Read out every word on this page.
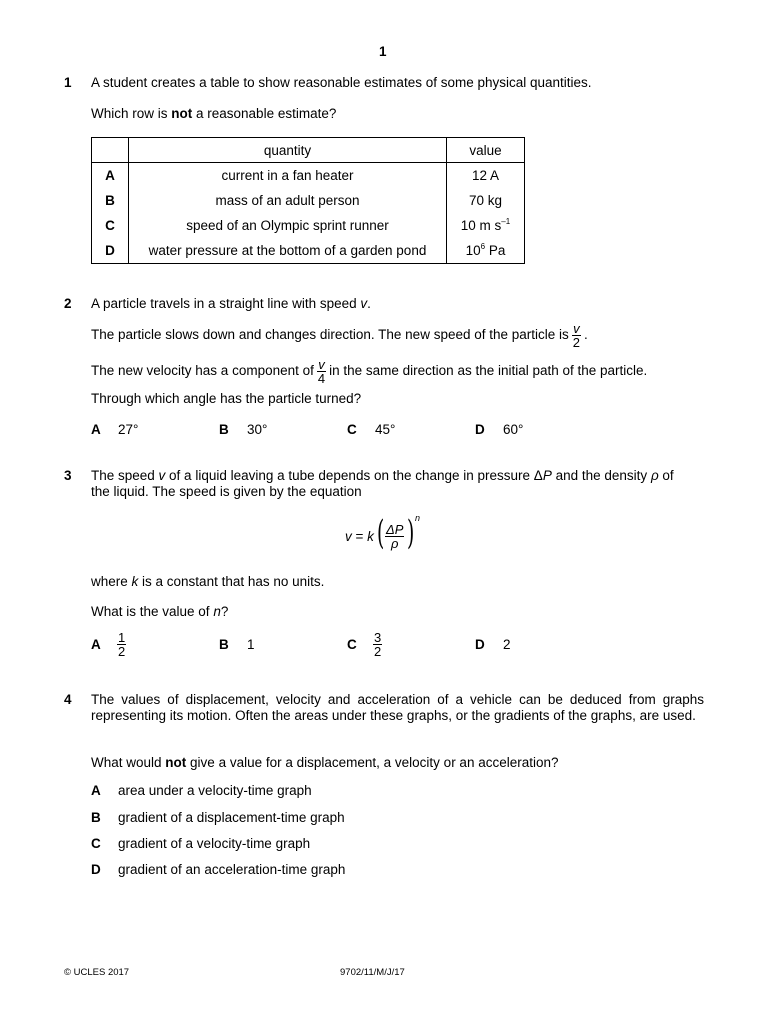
1
1 A student creates a table to show reasonable estimates of some physical quantities.
Which row is not a reasonable estimate?
	quantity	value
A	current in a fan heater	12 A
B	mass of an adult person	70 kg
C	speed of an Olympic sprint runner	10 m $s^{-1}$
D	water pressure at the bottom of a garden pond	$10^6$ Pa
2 A particle travels in a straight line with speed v.
The particle slows down and changes direction. The new speed of the particle is $\frac{v}{2}$ .
The new velocity has a component of $\frac{v}{4}$ in the same direction as the initial path of the particle.
Through which angle has the particle turned?
A 27°	B 30°	C 45°	D 60°
3 The speed v of a liquid leaving a tube depends on the change in pressure ΔP and the density ρ of
the liquid. The speed is given by the equation
v = k ( $\frac{\Delta P}{\rho}$ ) n
where k is a constant that has no units.
What is the value of n?
A $\frac{1}{2}$	B 1	C $\frac{3}{2}$	D 2
4 The values of displacement, velocity and acceleration of a vehicle can be deduced from graphs representing its motion. Often the areas under these graphs, or the gradients of the graphs, are used.
What would not give a value for a displacement, a velocity or an acceleration?
A area under a velocity-time graph
B gradient of a displacement-time graph
C gradient of a velocity-time graph
D gradient of an acceleration-time graph
© UCLES 2017	9702/11/M/J/17
